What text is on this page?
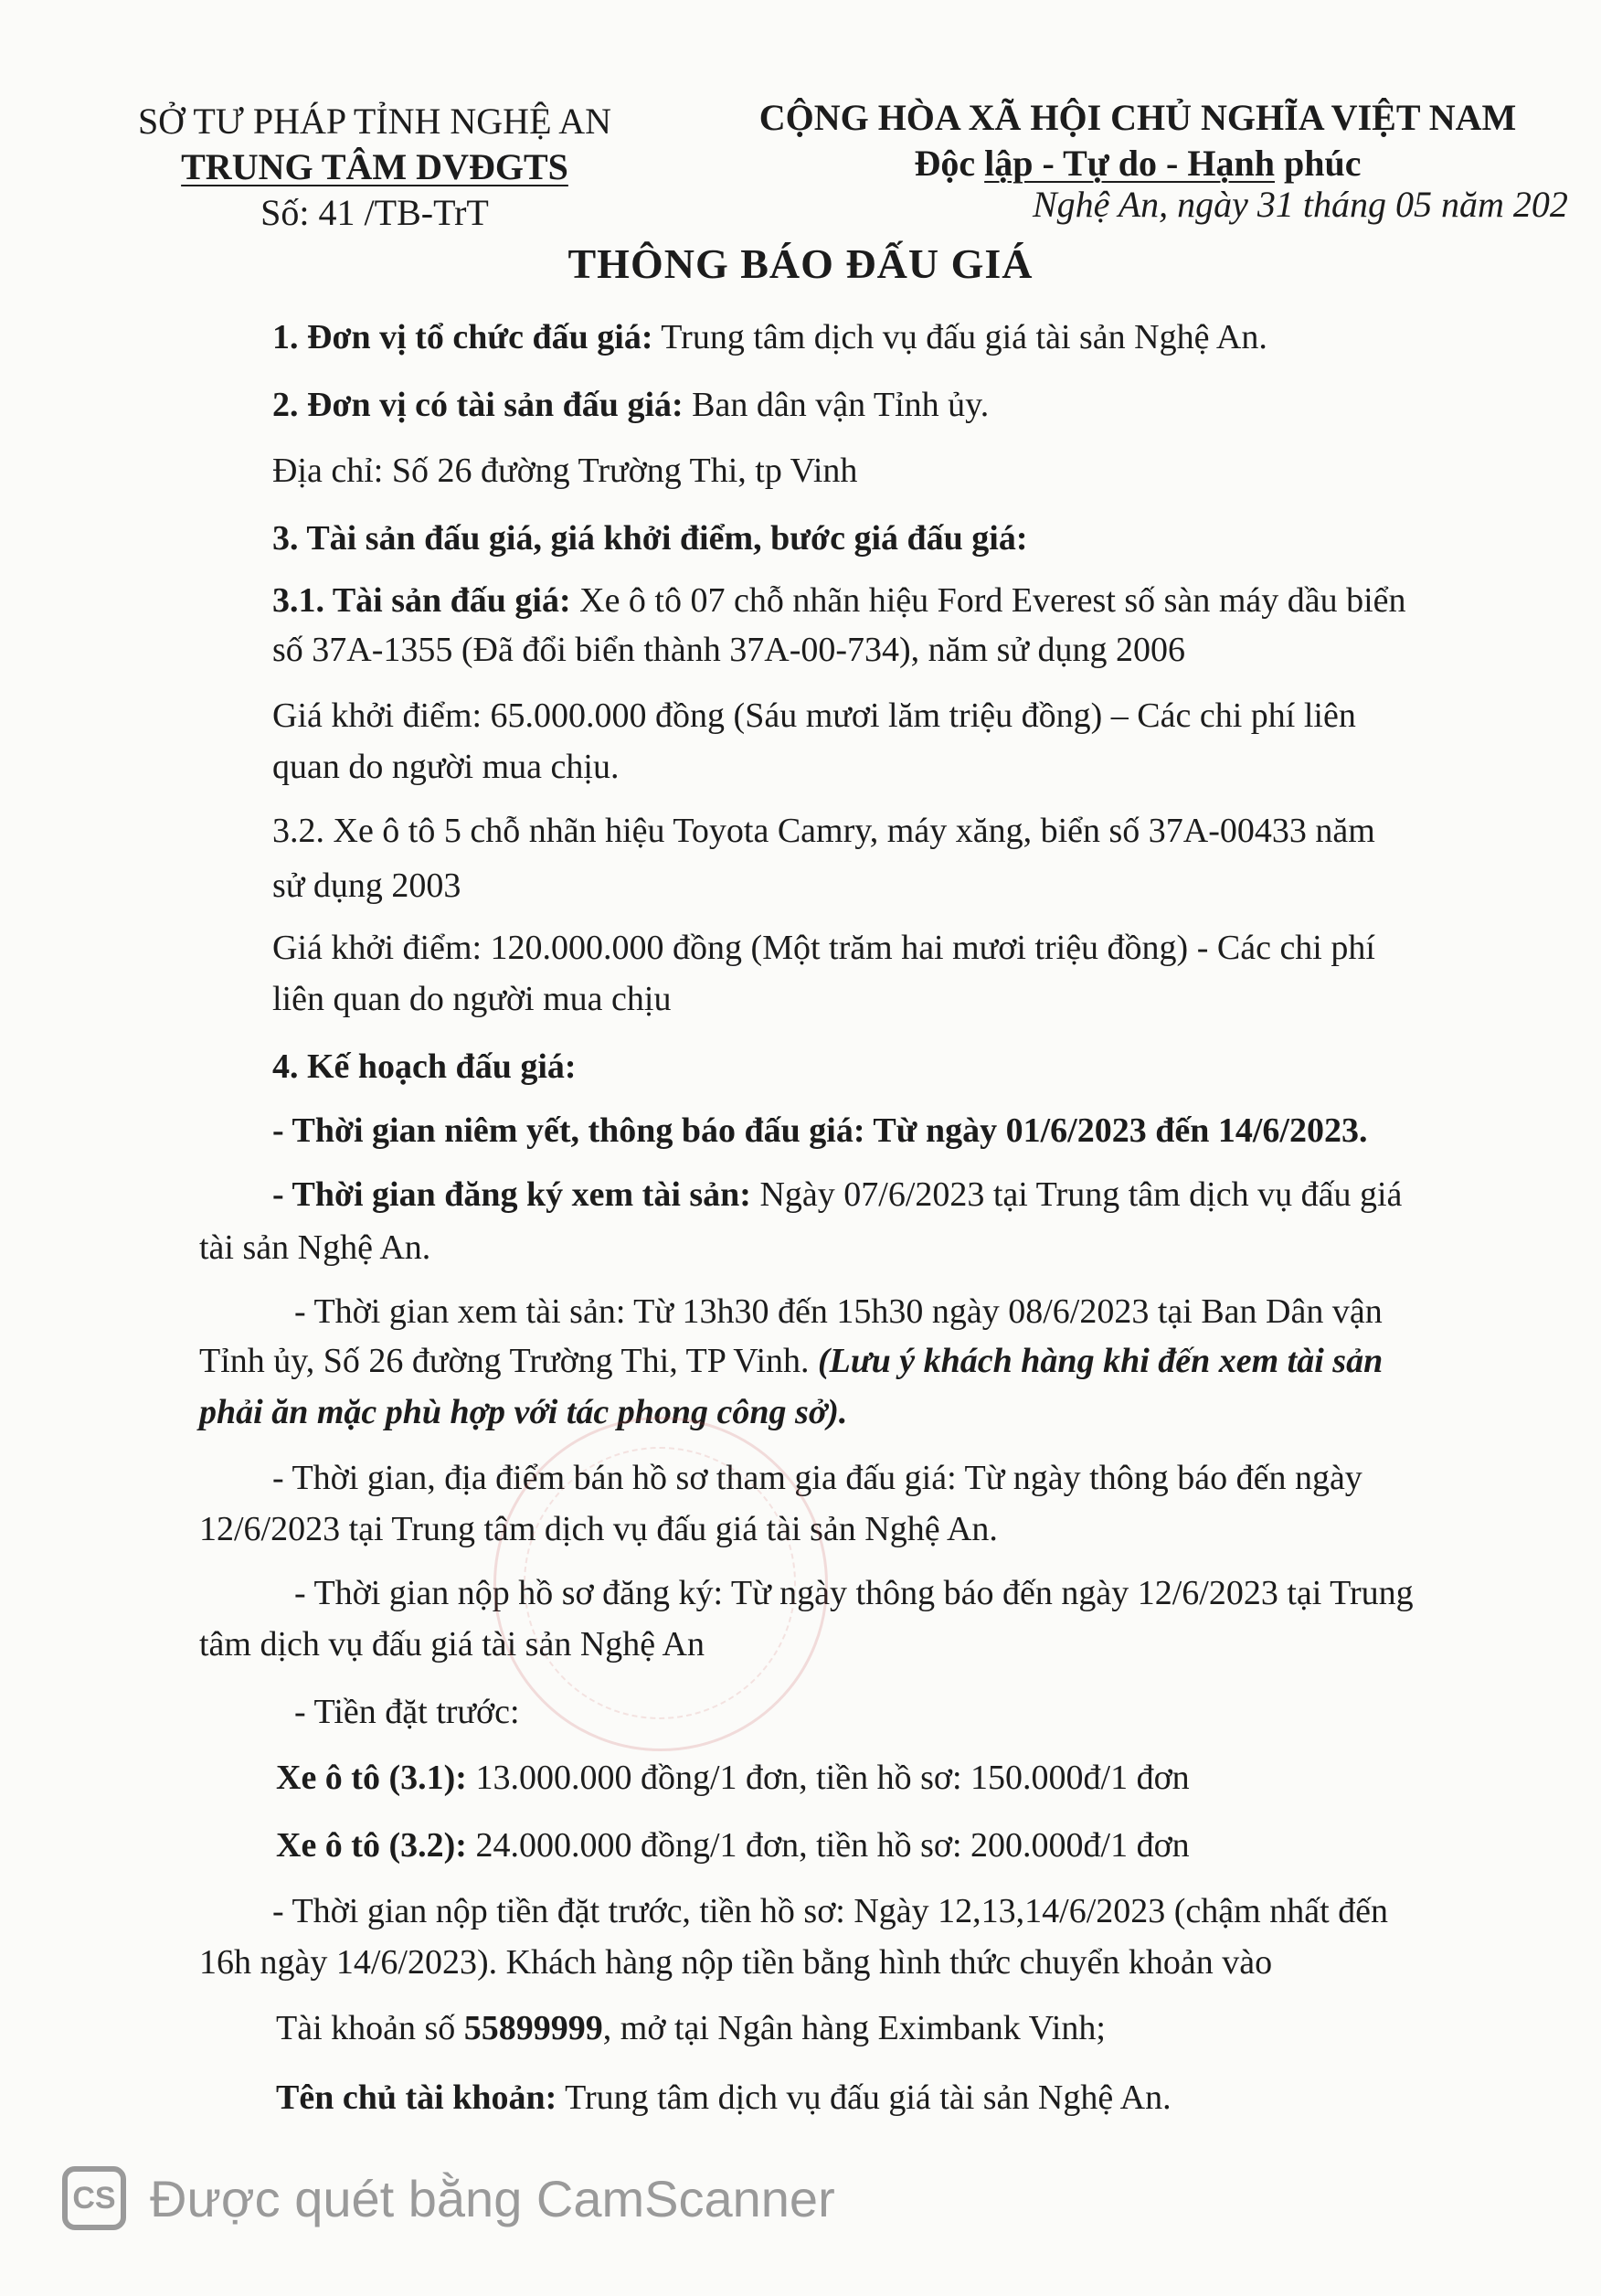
SỞ TƯ PHÁP TỈNH NGHỆ AN
TRUNG TÂM DVĐGTS
Số: 41 /TB-TrT
CỘNG HÒA XÃ HỘI CHỦ NGHĨA VIỆT NAM
Độc lập - Tự do - Hạnh phúc
Nghệ An, ngày 31 tháng 05 năm 202
THÔNG BÁO ĐẤU GIÁ
1. Đơn vị tổ chức đấu giá: Trung tâm dịch vụ đấu giá tài sản Nghệ An.
2. Đơn vị có tài sản đấu giá: Ban dân vận Tỉnh ủy.
Địa chỉ: Số 26 đường Trường Thi, tp Vinh
3. Tài sản đấu giá, giá khởi điểm, bước giá đấu giá:
3.1. Tài sản đấu giá: Xe ô tô 07 chỗ nhãn hiệu Ford Everest số sàn máy dầu biển
số 37A-1355 (Đã đổi biển thành 37A-00-734), năm sử dụng 2006
Giá khởi điểm: 65.000.000 đồng (Sáu mươi lăm triệu đồng) – Các chi phí liên
quan do người mua chịu.
3.2. Xe ô tô 5 chỗ nhãn hiệu Toyota Camry, máy xăng, biển số 37A-00433 năm
sử dụng 2003
Giá khởi điểm: 120.000.000 đồng (Một trăm hai mươi triệu đồng) - Các chi phí
liên quan do người mua chịu
4. Kế hoạch đấu giá:
- Thời gian niêm yết, thông báo đấu giá: Từ ngày 01/6/2023 đến 14/6/2023.
- Thời gian đăng ký xem tài sản: Ngày 07/6/2023 tại Trung tâm dịch vụ đấu giá
tài sản Nghệ An.
- Thời gian xem tài sản: Từ 13h30 đến 15h30 ngày 08/6/2023 tại Ban Dân vận
Tỉnh ủy, Số 26 đường Trường Thi, TP Vinh. (Lưu ý khách hàng khi đến xem tài sản
phải ăn mặc phù hợp với tác phong công sở).
- Thời gian, địa điểm bán hồ sơ tham gia đấu giá: Từ ngày thông báo đến ngày
12/6/2023 tại Trung tâm dịch vụ đấu giá tài sản Nghệ An.
- Thời gian nộp hồ sơ đăng ký: Từ ngày thông báo đến ngày 12/6/2023 tại Trung
tâm dịch vụ đấu giá tài sản Nghệ An
- Tiền đặt trước:
Xe ô tô (3.1): 13.000.000 đồng/1 đơn, tiền hồ sơ: 150.000đ/1 đơn
Xe ô tô (3.2): 24.000.000 đồng/1 đơn, tiền hồ sơ: 200.000đ/1 đơn
- Thời gian nộp tiền đặt trước, tiền hồ sơ: Ngày 12,13,14/6/2023 (chậm nhất đến
16h ngày 14/6/2023). Khách hàng nộp tiền bằng hình thức chuyển khoản vào
Tài khoản số 55899999, mở tại Ngân hàng Eximbank Vinh;
Tên chủ tài khoản: Trung tâm dịch vụ đấu giá tài sản Nghệ An.
CS Được quét bằng CamScanner
